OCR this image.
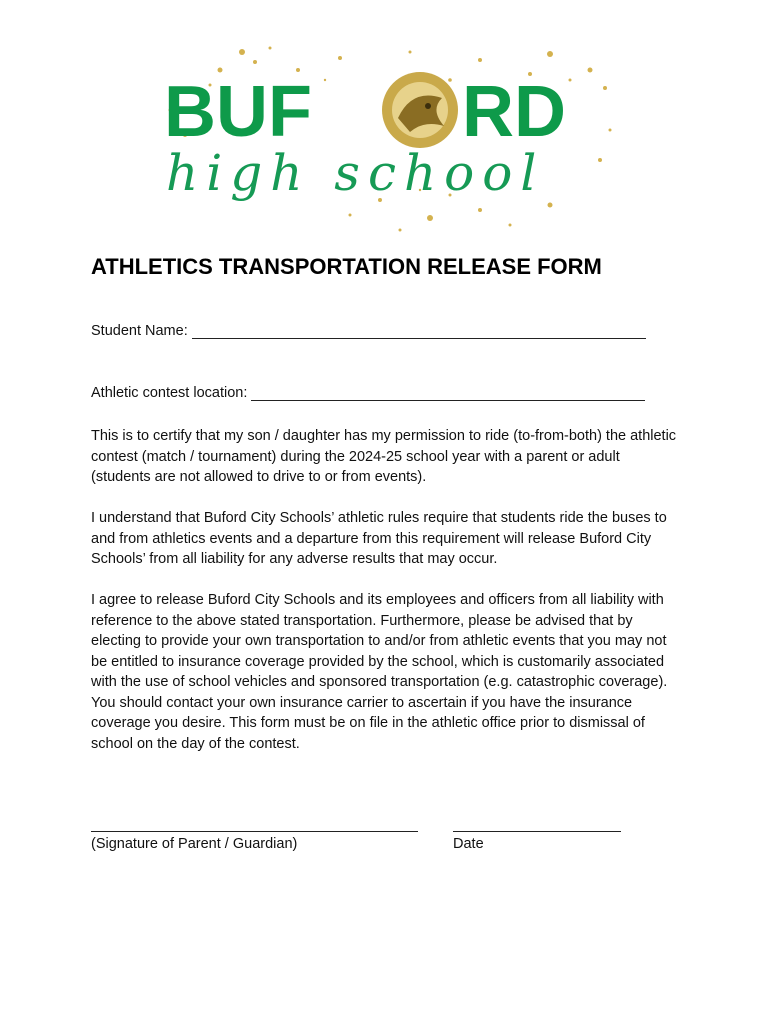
BUF RD
high school
ATHLETICS TRANSPORTATION RELEASE FORM
Student Name:
Athletic contest location:

This is to certify that my son / daughter has my permission to ride (to-from-both) the athletic contest (match / tournament) during the 2024-25 school year with a parent or adult (students are not allowed to drive to or from events).

I understand that Buford City Schools’ athletic rules require that students ride the buses to and from athletics events and a departure from this requirement will release Buford City Schools’ from all liability for any adverse results that may occur.

I agree to release Buford City Schools and its employees and officers from all liability with reference to the above stated transportation. Furthermore, please be advised that by electing to provide your own transportation to and/or from athletic events that you may not be entitled to insurance coverage provided by the school, which is customarily associated with the use of school vehicles and sponsored transportation (e.g. catastrophic coverage). You should contact your own insurance carrier to ascertain if you have the insurance coverage you desire. This form must be on file in the athletic office prior to dismissal of school on the day of the contest.

(Signature of Parent / Guardian)	Date
